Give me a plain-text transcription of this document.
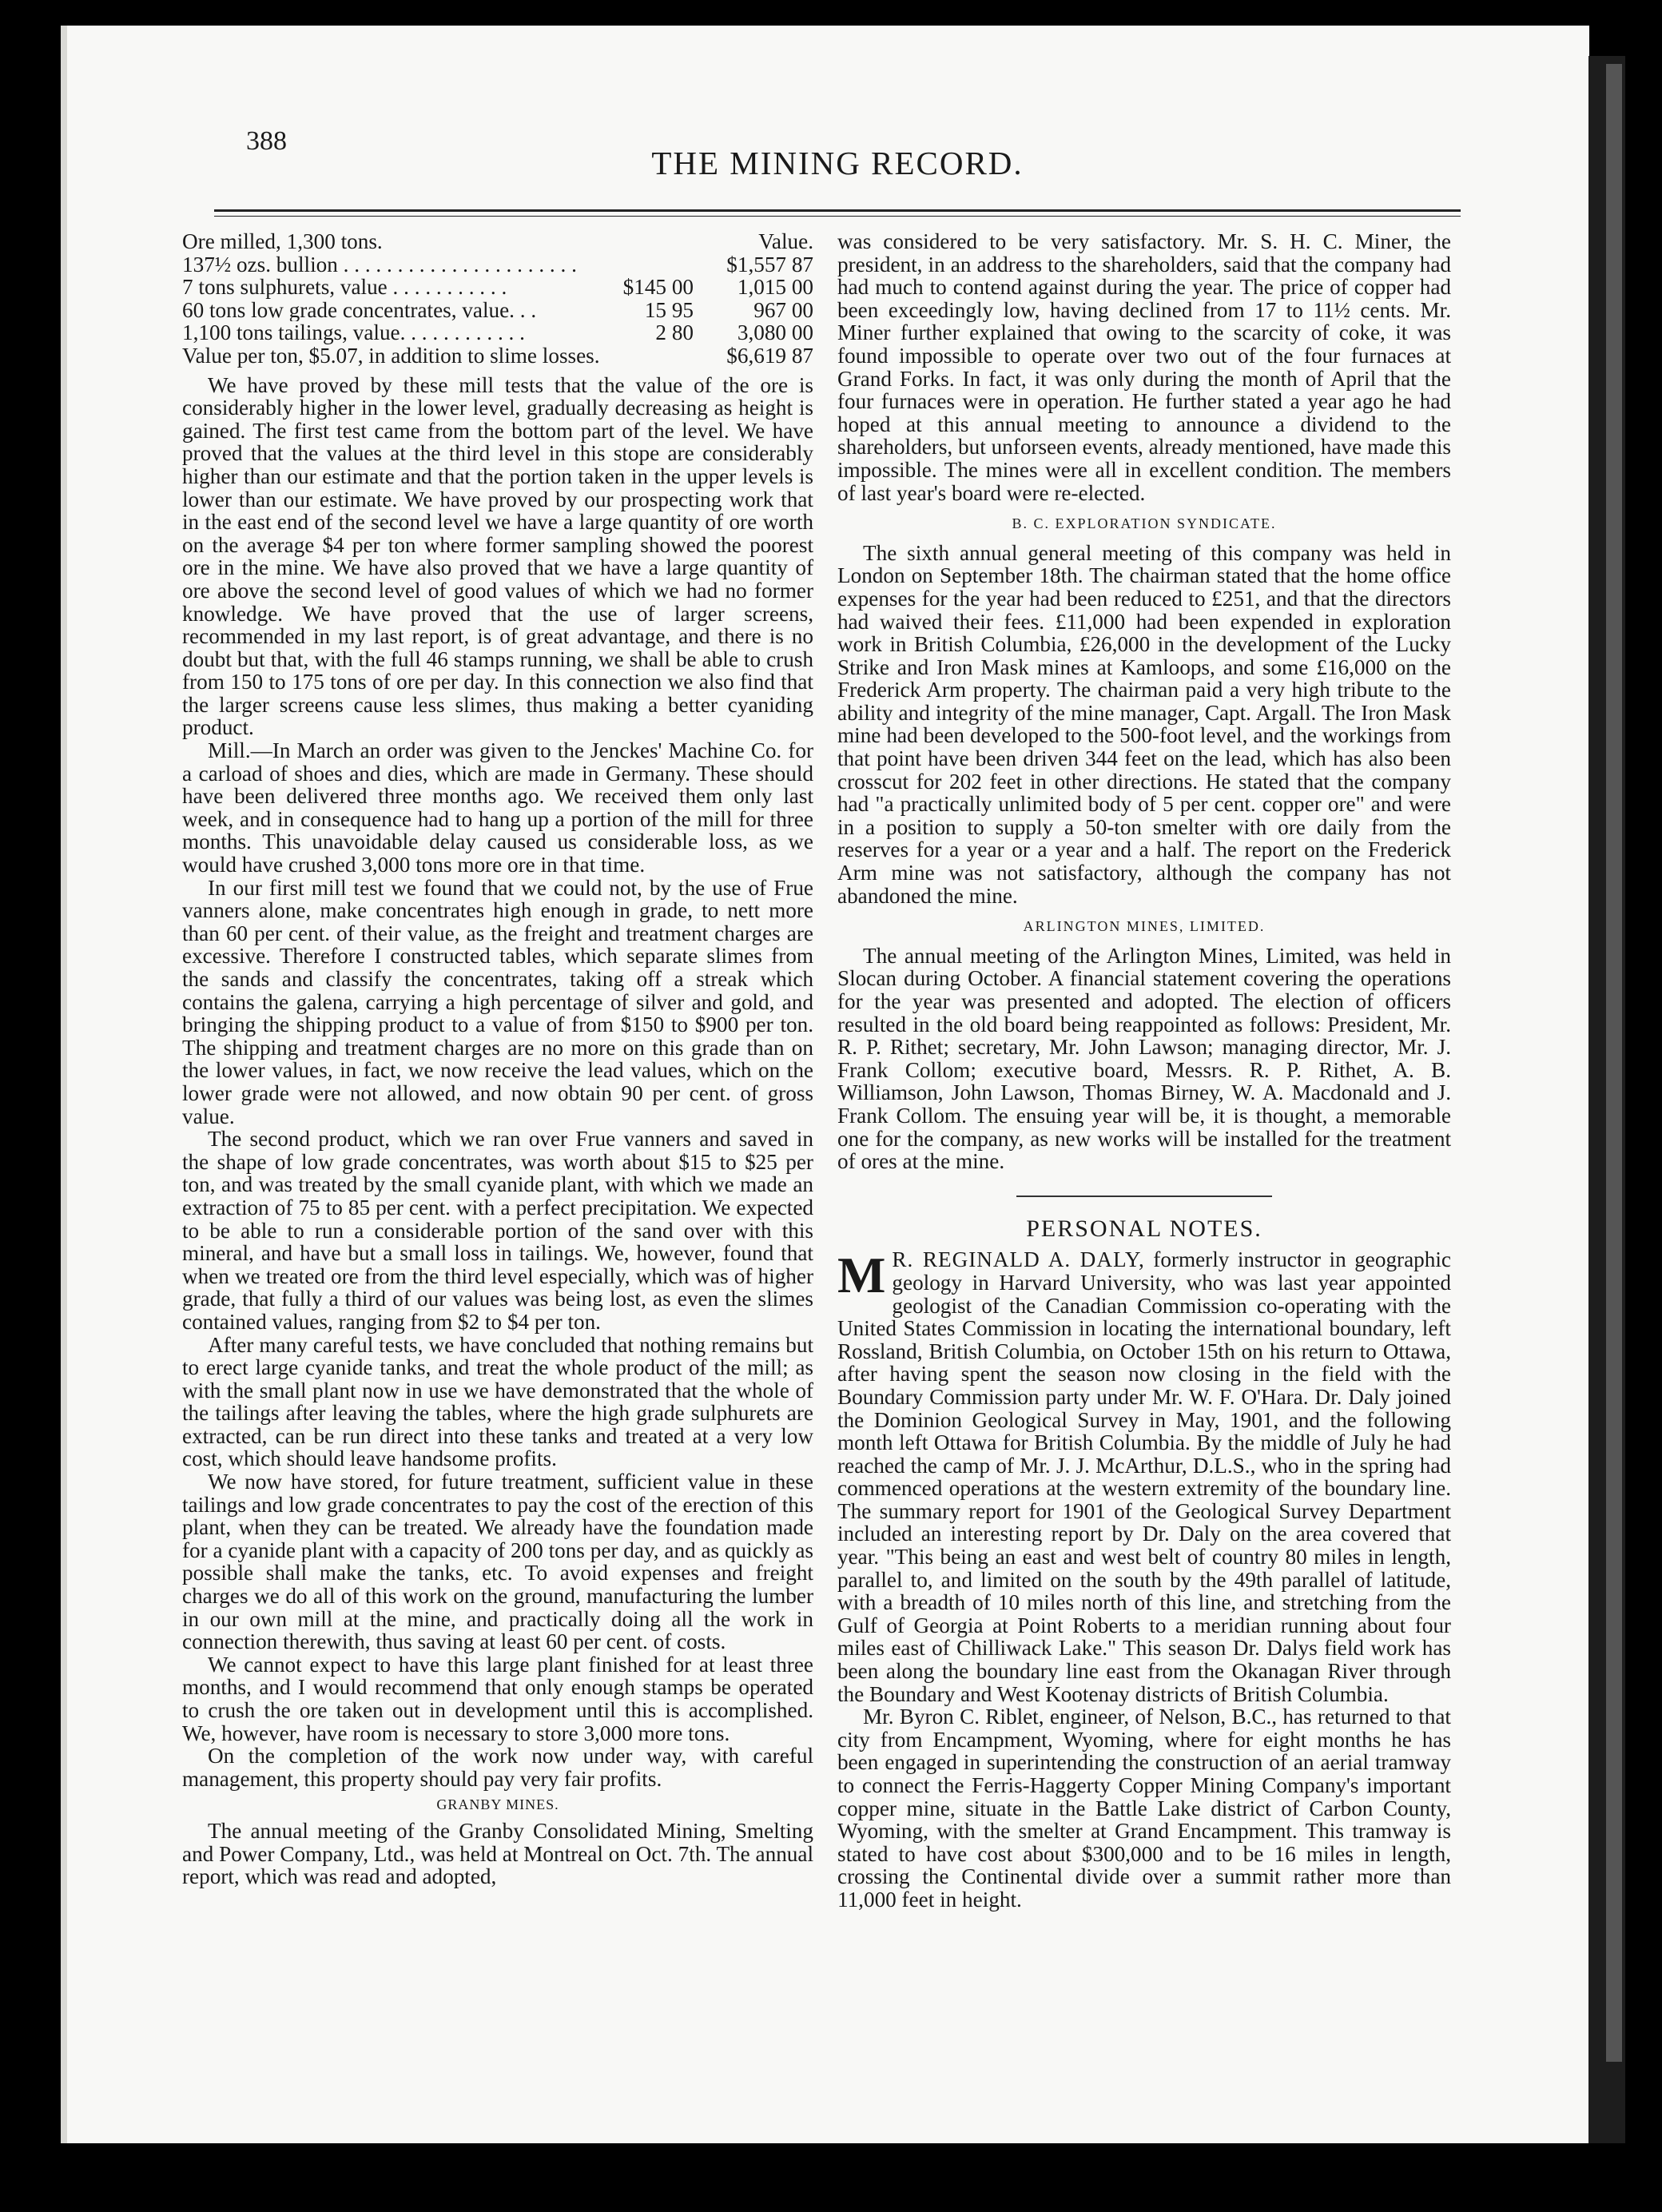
388
THE MINING RECORD.
Ore milled, 1,300 tons.		Value.
137½ ozs. bullion . . . . . . . . . . . . . . . . . . . . . .		$1,557 87
7 tons sulphurets, value . . . . . . . . . . .	$145 00	1,015 00
60 tons low grade concentrates, value. . .	15 95	967 00
1,100 tons tailings, value. . . . . . . . . . . .	2 80	3,080 00
Value per ton, $5.07, in addition to slime losses.		$6,619 87

We have proved by these mill tests that the value of the ore is considerably higher in the lower level, gradually decreasing as height is gained. The first test came from the bottom part of the level. We have proved that the values at the third level in this stope are considerably higher than our estimate and that the portion taken in the upper levels is lower than our estimate. We have proved by our prospecting work that in the east end of the second level we have a large quantity of ore worth on the average $4 per ton where former sampling showed the poorest ore in the mine. We have also proved that we have a large quantity of ore above the second level of good values of which we had no former knowledge. We have proved that the use of larger screens, recommended in my last report, is of great advantage, and there is no doubt but that, with the full 46 stamps running, we shall be able to crush from 150 to 175 tons of ore per day. In this connection we also find that the larger screens cause less slimes, thus making a better cyaniding product.

Mill.—In March an order was given to the Jenckes' Machine Co. for a carload of shoes and dies, which are made in Germany. These should have been delivered three months ago. We received them only last week, and in consequence had to hang up a portion of the mill for three months. This unavoidable delay caused us considerable loss, as we would have crushed 3,000 tons more ore in that time.

In our first mill test we found that we could not, by the use of Frue vanners alone, make concentrates high enough in grade, to nett more than 60 per cent. of their value, as the freight and treatment charges are excessive. Therefore I constructed tables, which separate slimes from the sands and classify the concentrates, taking off a streak which contains the galena, carrying a high percentage of silver and gold, and bringing the shipping product to a value of from $150 to $900 per ton. The shipping and treatment charges are no more on this grade than on the lower values, in fact, we now receive the lead values, which on the lower grade were not allowed, and now obtain 90 per cent. of gross value.

The second product, which we ran over Frue vanners and saved in the shape of low grade concentrates, was worth about $15 to $25 per ton, and was treated by the small cyanide plant, with which we made an extraction of 75 to 85 per cent. with a perfect precipitation. We expected to be able to run a considerable portion of the sand over with this mineral, and have but a small loss in tailings. We, however, found that when we treated ore from the third level especially, which was of higher grade, that fully a third of our values was being lost, as even the slimes contained values, ranging from $2 to $4 per ton.

After many careful tests, we have concluded that nothing remains but to erect large cyanide tanks, and treat the whole product of the mill; as with the small plant now in use we have demonstrated that the whole of the tailings after leaving the tables, where the high grade sulphurets are extracted, can be run direct into these tanks and treated at a very low cost, which should leave handsome profits.

We now have stored, for future treatment, sufficient value in these tailings and low grade concentrates to pay the cost of the erection of this plant, when they can be treated. We already have the foundation made for a cyanide plant with a capacity of 200 tons per day, and as quickly as possible shall make the tanks, etc. To avoid expenses and freight charges we do all of this work on the ground, manufacturing the lumber in our own mill at the mine, and practically doing all the work in connection therewith, thus saving at least 60 per cent. of costs.

We cannot expect to have this large plant finished for at least three months, and I would recommend that only enough stamps be operated to crush the ore taken out in development until this is accomplished. We, however, have room is necessary to store 3,000 more tons.

On the completion of the work now under way, with careful management, this property should pay very fair profits.

GRANBY MINES.

The annual meeting of the Granby Consolidated Mining, Smelting and Power Company, Ltd., was held at Montreal on Oct. 7th. The annual report, which was read and adopted,

was considered to be very satisfactory. Mr. S. H. C. Miner, the president, in an address to the shareholders, said that the company had had much to contend against during the year. The price of copper had been exceedingly low, having declined from 17 to 11½ cents. Mr. Miner further explained that owing to the scarcity of coke, it was found impossible to operate over two out of the four furnaces at Grand Forks. In fact, it was only during the month of April that the four furnaces were in operation. He further stated a year ago he had hoped at this annual meeting to announce a dividend to the shareholders, but unforseen events, already mentioned, have made this impossible. The mines were all in excellent condition. The members of last year's board were re-elected.

B. C. EXPLORATION SYNDICATE.

The sixth annual general meeting of this company was held in London on September 18th. The chairman stated that the home office expenses for the year had been reduced to £251, and that the directors had waived their fees. £11,000 had been expended in exploration work in British Columbia, £26,000 in the development of the Lucky Strike and Iron Mask mines at Kamloops, and some £16,000 on the Frederick Arm property. The chairman paid a very high tribute to the ability and integrity of the mine manager, Capt. Argall. The Iron Mask mine had been developed to the 500-foot level, and the workings from that point have been driven 344 feet on the lead, which has also been crosscut for 202 feet in other directions. He stated that the company had "a practically unlimited body of 5 per cent. copper ore" and were in a position to supply a 50-ton smelter with ore daily from the reserves for a year or a year and a half. The report on the Frederick Arm mine was not satisfactory, although the company has not abandoned the mine.

ARLINGTON MINES, LIMITED.

The annual meeting of the Arlington Mines, Limited, was held in Slocan during October. A financial statement covering the operations for the year was presented and adopted. The election of officers resulted in the old board being reappointed as follows: President, Mr. R. P. Rithet; secretary, Mr. John Lawson; managing director, Mr. J. Frank Collom; executive board, Messrs. R. P. Rithet, A. B. Williamson, John Lawson, Thomas Birney, W. A. Macdonald and J. Frank Collom. The ensuing year will be, it is thought, a memorable one for the company, as new works will be installed for the treatment of ores at the mine.

PERSONAL NOTES.

M R. REGINALD A. DALY, formerly instructor in geographic geology in Harvard University, who was last year appointed geologist of the Canadian Commission co-operating with the United States Commission in locating the international boundary, left Rossland, British Columbia, on October 15th on his return to Ottawa, after having spent the season now closing in the field with the Boundary Commission party under Mr. W. F. O'Hara. Dr. Daly joined the Dominion Geological Survey in May, 1901, and the following month left Ottawa for British Columbia. By the middle of July he had reached the camp of Mr. J. J. McArthur, D.L.S., who in the spring had commenced operations at the western extremity of the boundary line. The summary report for 1901 of the Geological Survey Department included an interesting report by Dr. Daly on the area covered that year. "This being an east and west belt of country 80 miles in length, parallel to, and limited on the south by the 49th parallel of latitude, with a breadth of 10 miles north of this line, and stretching from the Gulf of Georgia at Point Roberts to a meridian running about four miles east of Chilliwack Lake." This season Dr. Dalys field work has been along the boundary line east from the Okanagan River through the Boundary and West Kootenay districts of British Columbia.

Mr. Byron C. Riblet, engineer, of Nelson, B.C., has returned to that city from Encampment, Wyoming, where for eight months he has been engaged in superintending the construction of an aerial tramway to connect the Ferris-Haggerty Copper Mining Company's important copper mine, situate in the Battle Lake district of Carbon County, Wyoming, with the smelter at Grand Encampment. This tramway is stated to have cost about $300,000 and to be 16 miles in length, crossing the Continental divide over a summit rather more than 11,000 feet in height.
